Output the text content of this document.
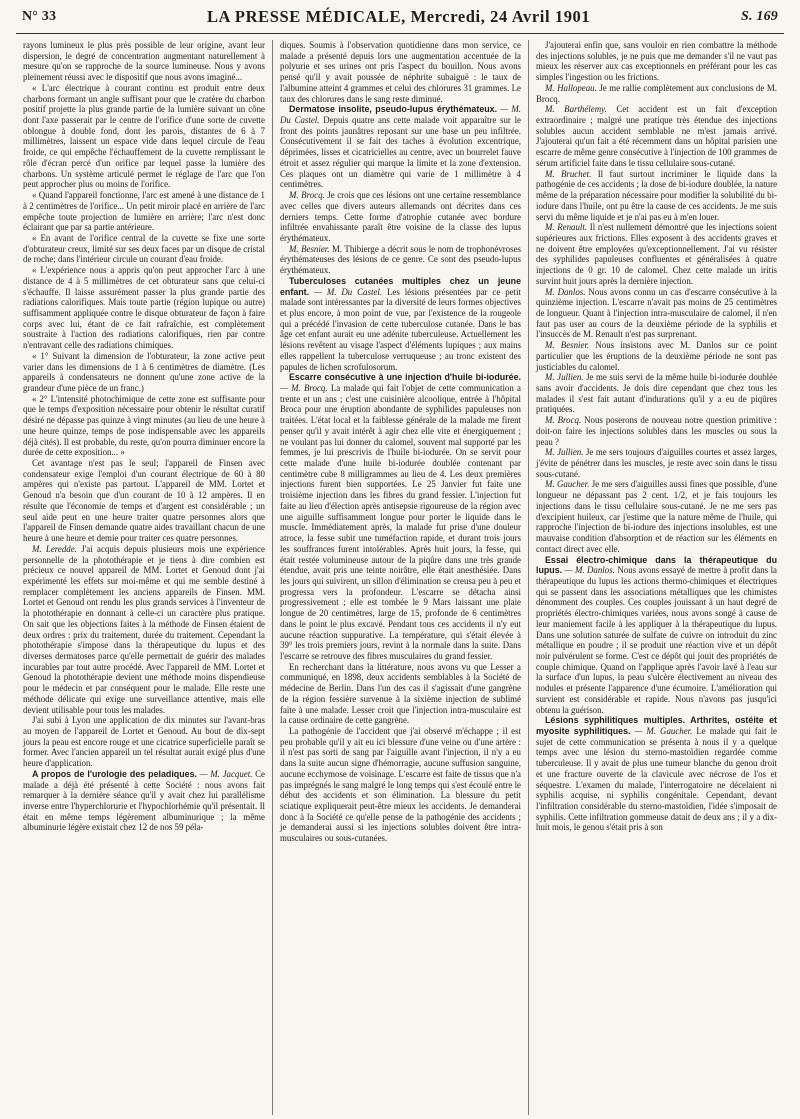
N° 33	LA PRESSE MÉDICALE, Mercredi, 24 Avril 1901	S. 169

rayons lumineux le plus près possible de leur origine, avant leur dispersion, le degré de concentration augmentant naturellement à mesure qu'on se rapproche de la source lumineuse. Nous y avons pleinement réussi avec le dispositif que nous avons imaginé...

« L'arc électrique à courant continu est produit entre deux charbons formant un angle suffisant pour que le cratère du charbon positif projette la plus grande partie de la lumière suivant un cône dont l'axe passerait par le centre de l'orifice d'une sorte de cuvette oblongue à double fond, dont les parois, distantes de 6 à 7 millimètres, laissent un espace vide dans lequel circule de l'eau froide, ce qui empêche l'échauffement de la cuvette remplissant le rôle d'écran percé d'un orifice par lequel passe la lumière des charbons. Un système articulé permet le réglage de l'arc que l'on peut approcher plus ou moins de l'orifice.

« Quand l'appareil fonctionne, l'arc est amené à une distance de 1 à 2 centimètres de l'orifice... Un petit miroir placé en arrière de l'arc empêche toute projection de lumière en arrière; l'arc n'est donc éclairant que par sa partie antérieure.

« En avant de l'orifice central de la cuvette se fixe une sorte d'obturateur creux, limité sur ses deux faces par un disque de cristal de roche; dans l'intérieur circule un courant d'eau froide.

« L'expérience nous a appris qu'on peut approcher l'arc à une distance de 4 à 5 millimètres de cet obturateur sans que celui-ci s'échauffe. Il laisse assurément passer la plus grande partie des radiations calorifiques. Mais toute partie (région lupique ou autre) suffisamment appliquée contre le disque obturateur de façon à faire corps avec lui, étant de ce fait rafraîchie, est complètement soustraite à l'action des radiations calorifiques, rien par contre n'entravant celle des radiations chimiques.

« 1° Suivant la dimension de l'obturateur, la zone active peut varier dans les dimensions de 1 à 6 centimètres de diamètre. (Les appareils à condensateurs ne donnent qu'une zone active de la grandeur d'une pièce de un franc.)

« 2° L'intensité photochimique de cette zone est suffisante pour que le temps d'exposition nécessaire pour obtenir le résultat curatif désiré ne dépasse pas quinze à vingt minutes (au lieu de une heure à une heure quinze, temps de pose indispensable avec les appareils déjà cités). Il est probable, du reste, qu'on pourra diminuer encore la durée de cette exposition... »

Cet avantage n'est pas le seul; l'appareil de Finsen avec condensateur exige l'emploi d'un courant électrique de 60 à 80 ampères qui n'existe pas partout. L'appareil de MM. Lortet et Genoud n'a besoin que d'un courant de 10 à 12 ampères. Il en résulte que l'économie de temps et d'argent est considérable ; un seul aide peut en une heure traiter quatre personnes alors que l'appareil de Finsen demande quatre aides travaillant chacun de une heure à une heure et demie pour traiter ces quatre personnes.

M. Leredde. J'ai acquis depuis plusieurs mois une expérience personnelle de la photothérapie et je tiens à dire combien est précieux ce nouvel appareil de MM. Lortet et Genoud dont j'ai expérimenté les effets sur moi-même et qui me semble destiné à remplacer complètement les anciens appareils de Finsen. MM. Lortet et Genoud ont rendu les plus grands services à l'inventeur de la photothérapie en donnant à celle-ci un caractère plus pratique. On sait que les objections faites à la méthode de Finsen étaient de deux ordres : prix du traitement, durée du traitement. Cependant la photothérapie s'impose dans la thérapeutique du lupus et des diverses dermatoses parce qu'elle permettait de guérir des malades incurables par tout autre procédé. Avec l'appareil de MM. Lortet et Genoud la photothérapie devient une méthode moins dispendieuse pour le médecin et par conséquent pour le malade. Elle reste une méthode délicate qui exige une surveillance attentive, mais elle devient utilisable pour tous les malades.

J'ai subi à Lyon une application de dix minutes sur l'avant-bras au moyen de l'appareil de Lortet et Genoud. Au bout de dix-sept jours la peau est encore rouge et une cicatrice superficielle paraît se former. Avec l'ancien appareil un tel résultat aurait exigé plus d'une heure d'application.

A propos de l'urologie des peladiques. — M. Jacquet. Ce malade a déjà été présenté à cette Société : nous avons fait remarquer à la dernière séance qu'il y avait chez lui parallélisme inverse entre l'hyperchlorurie et l'hypochlorhémie qu'il présentait. Il était en même temps légèrement albuminurique ; la même albuminurie légère existait chez 12 de nos 59 péla-

diques. Soumis à l'observation quotidienne dans mon service, ce malade a présenté depuis lors une augmentation accentuée de la polyurie et ses urines ont pris l'aspect du bouillon. Nous avons pensé qu'il y avait poussée de néphrite subaiguë : le taux de l'albumine atteint 4 grammes et celui des chlorures 31 grammes. Le taux des chlorures dans le sang reste diminué.

Dermatose insolite, pseudo-lupus érythémateux. — M. Du Castel. Depuis quatre ans cette malade voit apparaître sur le front des points jaunâtres reposant sur une base un peu infiltrée. Consécutivement il se fait des taches à évolution excentrique, déprimées, lisses et cicatricielles au centre, avec un bourrelet fauve étroit et assez régulier qui marque la limite et la zone d'extension. Ces plaques ont un diamètre qui varie de 1 millimètre à 4 centimètres.

M. Brocq. Je crois que ces lésions ont une certaine ressemblance avec celles que divers auteurs allemands ont décrites dans ces derniers temps. Cette forme d'atrophie cutanée avec bordure infiltrée envahissante paraît être voisine de la classe des lupus érythémateux.

M. Besnier. M. Thibierge a décrit sous le nom de trophonévroses érythémateuses des lésions de ce genre. Ce sont des pseudo-lupus érythémateux.

Tuberculoses cutanées multiples chez un jeune enfant. — M. Du Castel. Les lésions présentées par ce petit malade sont intéressantes par la diversité de leurs formes objectives et plus encore, à mon point de vue, par l'existence de la rougeole qui a précédé l'invasion de cette tuberculose cutanée. Dans le bas âge cet enfant aurait eu une adénite tuberculeuse. Actuellement les lésions revêtent au visage l'aspect d'éléments lupiques ; aux mains elles rappellent la tuberculose verruqueuse ; au tronc existent des papules de lichen scrofulosorum.

Escarre consécutive à une injection d'huile bi-iodurée. — M. Brocq. La malade qui fait l'objet de cette communication a trente et un ans ; c'est une cuisinière alcoolique, entrée à l'hôpital Broca pour une éruption abondante de syphilides papuleuses non traitées. L'état local et la faiblesse générale de la malade me firent penser qu'il y avait intérêt à agir chez elle vite et énergiquement ; ne voulant pas lui donner du calomel, souvent mal supporté par les femmes, je lui prescrivis de l'huile bi-iodurée. On se servit pour cette malade d'une huile bi-iodurée doublée contenant par centimètre cube 8 milligrammes au lieu de 4. Les deux premières injections furent bien supportées. Le 25 Janvier fut faite une troisième injection dans les fibres du grand fessier. L'injection fut faite au lieu d'élection après antisepsie rigoureuse de la région avec une aiguille suffisamment longue pour porter le liquide dans le muscle. Immédiatement après, la malade fut prise d'une douleur atroce, la fesse subit une tuméfaction rapide, et durant trois jours les souffrances furent intolérables. Après huit jours, la fesse, qui était restée volumineuse autour de la piqûre dans une très grande étendue, avait pris une teinte noirâtre, elle était anesthésiée. Dans les jours qui suivirent, un sillon d'élimination se creusa peu à peu et progressa vers la profondeur. L'escarre se détacha ainsi progressivement ; elle est tombée le 9 Mars laissant une plaie longue de 20 centimètres, large de 15, profonde de 6 centimètres dans le point le plus excavé. Pendant tous ces accidents il n'y eut aucune réaction suppurative. La température, qui s'était élevée à 39° les trois premiers jours, revint à la normale dans la suite. Dans l'escarre se retrouve des fibres musculaires du grand fessier.

En recherchant dans la littérature, nous avons vu que Lesser a communiqué, en 1898, deux accidents semblables à la Société de médecine de Berlin. Dans l'un des cas il s'agissait d'une gangrène de la région fessière survenue à la sixième injection de sublimé faite à une malade. Lesser croit que l'injection intra-musculaire est la cause ordinaire de cette gangrène.

La pathogénie de l'accident que j'ai observé m'échappe ; il est peu probable qu'il y ait eu ici blessure d'une veine ou d'une artère : il n'est pas sorti de sang par l'aiguille avant l'injection, il n'y a eu dans la suite aucun signe d'hémorragie, aucune suffusion sanguine, aucune ecchymose de voisinage. L'escarre est faite de tissus que n'a pas imprégnés le sang malgré le long temps qui s'est écoulé entre le début des accidents et son élimination. La blessure du petit sciatique expliquerait peut-être mieux les accidents. Je demanderai donc à la Société ce qu'elle pense de la pathogénie des accidents ; je demanderai aussi si les injections solubles doivent être intra-musculaires ou sous-cutanées.

J'ajouterai enfin que, sans vouloir en rien combattre la méthode des injections solubles, je ne puis que me demander s'il ne vaut pas mieux les réserver aux cas exceptionnels en préférant pour les cas simples l'ingestion ou les frictions.

M. Hallopeau. Je me rallie complètement aux conclusions de M. Brocq.

M. Barthélemy. Cet accident est un fait d'exception extraordinaire ; malgré une pratique très étendue des injections solubles aucun accident semblable ne m'est jamais arrivé. J'ajouterai qu'un fait a été récemment dans un hôpital parisien une escarre de même genre consécutive à l'injection de 100 grammes de sérum artificiel faite dans le tissu cellulaire sous-cutané.

M. Bruchet. Il faut surtout incriminer le liquide dans la pathogénie de ces accidents ; la dose de bi-iodure doublée, la nature même de la préparation nécessaire pour modifier la solubilité du bi-iodure dans l'huile, ont pu être la cause de ces accidents. Je me suis servi du même liquide et je n'ai pas eu à m'en louer.

M. Renault. Il n'est nullement démontré que les injections soient supérieures aux frictions. Elles exposent à des accidents graves et ne doivent être employées qu'exceptionnellement. J'ai vu résister des syphilides papuleuses confluentes et généralisées à quatre injections de 0 gr. 10 de calomel. Chez cette malade un iritis survint huit jours après la dernière injection.

M. Danlos. Nous avons connu un cas d'escarre consécutive à la quinzième injection. L'escarre n'avait pas moins de 25 centimètres de longueur. Quant à l'injection intra-musculaire de calomel, il n'en faut pas user au cours de la deuxième période de la syphilis et l'insuccès de M. Renault n'est pas surprenant.

M. Besnier. Nous insistons avec M. Danlos sur ce point particulier que les éruptions de la deuxième période ne sont pas justiciables du calomel.

M. Jullien. Je me suis servi de la même huile bi-iodurée doublée sans avoir d'accidents. Je dois dire cependant que chez tous les malades il s'est fait autant d'indurations qu'il y a eu de piqûres pratiquées.

M. Brocq. Nous poserons de nouveau notre question primitive : doit-on faire les injections solubles dans les muscles ou sous la peau ?

M. Jullien. Je me sers toujours d'aiguilles courtes et assez larges, j'évite de pénétrer dans les muscles, je reste avec soin dans le tissu sous-cutané.

M. Gaucher. Je me sers d'aiguilles aussi fines que possible, d'une longueur ne dépassant pas 2 cent. 1/2, et je fais toujours les injections dans le tissu cellulaire sous-cutané. Je ne me sers pas d'excipient huileux, car j'estime que la nature même de l'huile, qui rapproche l'injection de bi-iodure des injections insolubles, est une mauvaise condition d'absorption et de réaction sur les éléments en contact direct avec elle.

Essai électro-chimique dans la thérapeutique du lupus. — M. Danlos. Nous avons essayé de mettre à profit dans la thérapeutique du lupus les actions thermo-chimiques et électriques qui se passent dans les associations métalliques que les chimistes dénomment des couples. Ces couples jouissant à un haut degré de propriétés électro-chimiques variées, nous avons songé à cause de leur maniement facile à les appliquer à la thérapeutique du lupus. Dans une solution saturée de sulfate de cuivre on introduit du zinc métallique en poudre ; il se produit une réaction vive et un dépôt noir pulvérulent se forme. C'est ce dépôt qui jouit des propriétés de couple chimique. Quand on l'applique après l'avoir lavé à l'eau sur la surface d'un lupus, la peau s'ulcère électivement au niveau des nodules et présente l'apparence d'une écumoire. L'amélioration qui survient est considérable et rapide. Nous n'avons pas jusqu'ici obtenu la guérison.

Lésions syphilitiques multiples. Arthrites, ostéite et myosite syphilitiques. — M. Gaucher. Le malade qui fait le sujet de cette communication se présenta à nous il y a quelque temps avec une lésion du sterno-mastoïdien regardée comme tuberculeuse. Il y avait de plus une tumeur blanche du genou droit et une fracture ouverte de la clavicule avec nécrose de l'os et séquestre. L'examen du malade, l'interrogatoire ne décelaient ni syphilis acquise, ni syphilis congénitale. Cependant, devant l'infiltration considérable du sterno-mastoïdien, l'idée s'imposait de syphilis. Cette infiltration gommeuse datait de deux ans ; il y a dix-huit mois, le genou s'était pris à son
